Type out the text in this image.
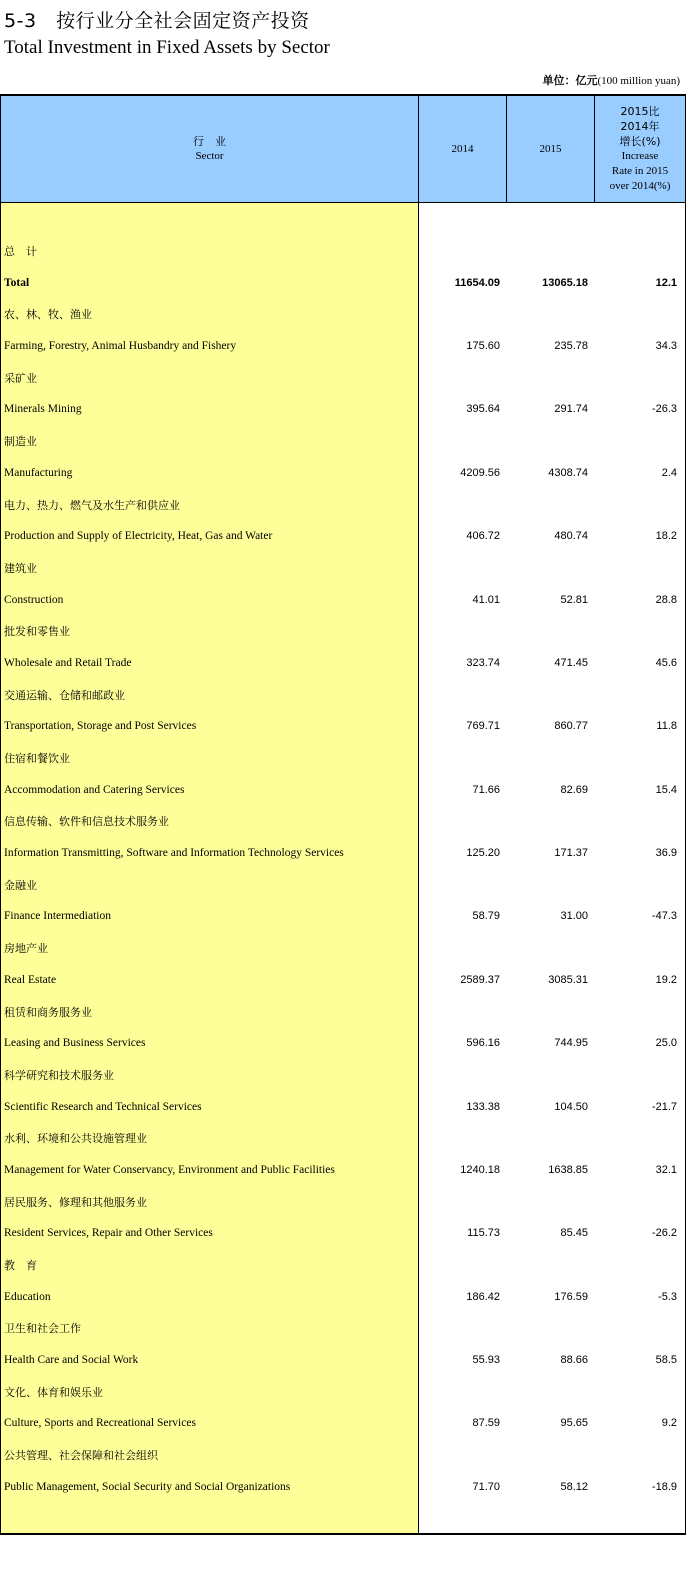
5-3 按行业分全社会固定资产投资
Total Investment in Fixed Assets by Sector
单位：亿元(100 million yuan)
行　业
Sector
2014	2015
2015比
2014年
增长(%)
Increase
Rate in 2015
over 2014(%)
总　计
Total	11654.09	13065.18	12.1
农、林、牧、渔业
Farming, Forestry, Animal Husbandry and Fishery	175.60	235.78	34.3
采矿业
Minerals Mining	395.64	291.74	-26.3
制造业
Manufacturing	4209.56	4308.74	2.4
电力、热力、燃气及水生产和供应业
Production and Supply of Electricity, Heat, Gas and Water	406.72	480.74	18.2
建筑业
Construction	41.01	52.81	28.8
批发和零售业
Wholesale and Retail Trade	323.74	471.45	45.6
交通运输、仓储和邮政业
Transportation, Storage and Post Services	769.71	860.77	11.8
住宿和餐饮业
Accommodation and Catering Services	71.66	82.69	15.4
信息传输、软件和信息技术服务业
Information Transmitting, Software and Information Technology Services	125.20	171.37	36.9
金融业
Finance Intermediation	58.79	31.00	-47.3
房地产业
Real Estate	2589.37	3085.31	19.2
租赁和商务服务业
Leasing and Business Services	596.16	744.95	25.0
科学研究和技术服务业
Scientific Research and Technical Services	133.38	104.50	-21.7
水利、环境和公共设施管理业
Management for Water Conservancy, Environment and Public Facilities	1240.18	1638.85	32.1
居民服务、修理和其他服务业
Resident Services, Repair and Other Services	115.73	85.45	-26.2
教　育
Education	186.42	176.59	-5.3
卫生和社会工作
Health Care and Social Work	55.93	88.66	58.5
文化、体育和娱乐业
Culture, Sports and Recreational Services	87.59	95.65	9.2
公共管理、社会保障和社会组织
Public Management, Social Security and Social Organizations	71.70	58.12	-18.9
